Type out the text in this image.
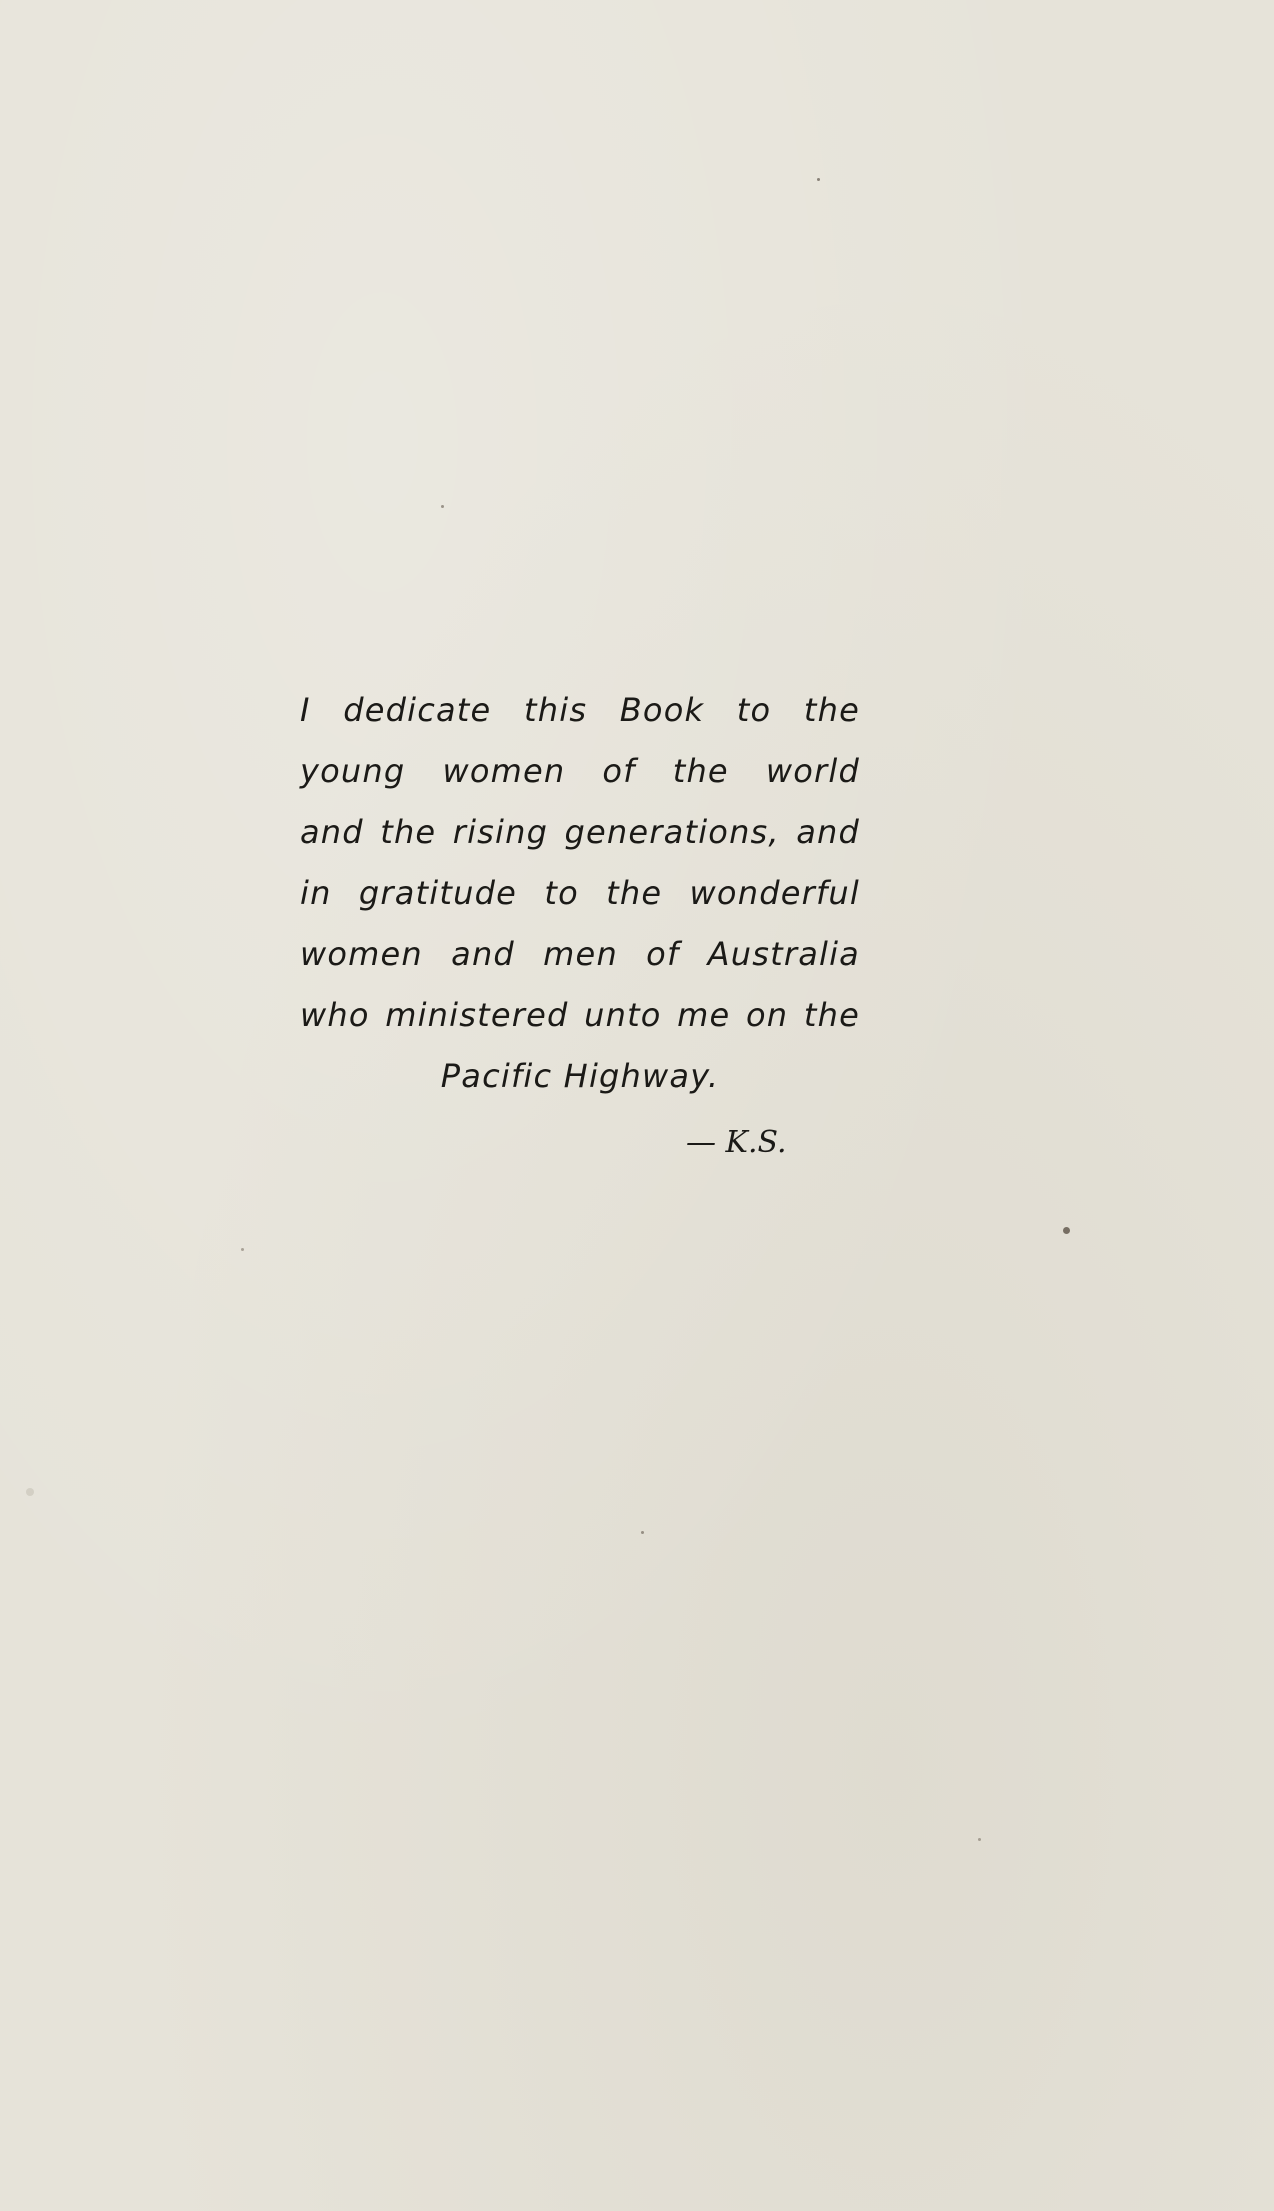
I dedicate this Book to the
young women of the world
and the rising generations, and
in gratitude to the wonderful
women and men of Australia
who ministered unto me on the
Pacific Highway.
— K.S.
